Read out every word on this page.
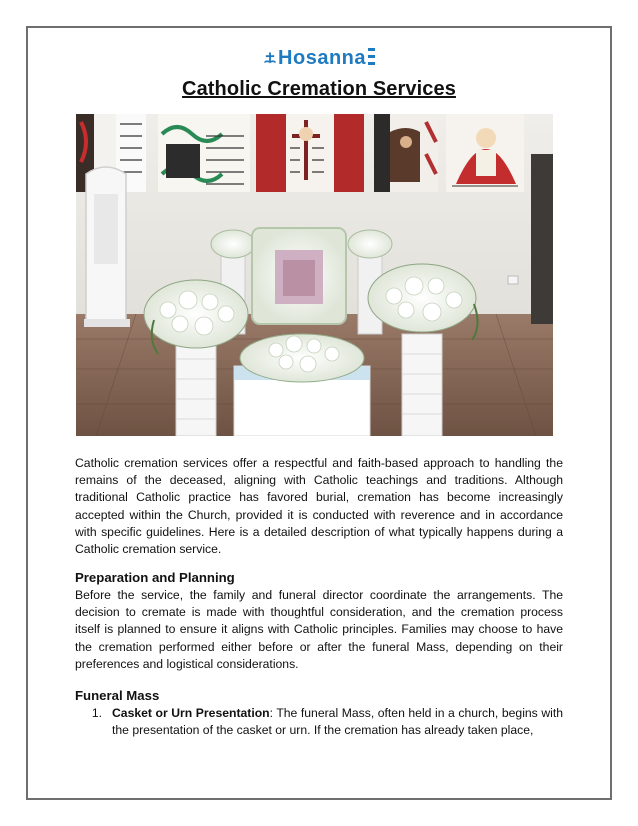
Hosanna
Catholic Cremation Services

Catholic cremation services offer a respectful and faith-based approach to handling the remains of the deceased, aligning with Catholic teachings and traditions. Although traditional Catholic practice has favored burial, cremation has become increasingly accepted within the Church, provided it is conducted with reverence and in accordance with specific guidelines. Here is a detailed description of what typically happens during a Catholic cremation service.

Preparation and Planning

Before the service, the family and funeral director coordinate the arrangements. The decision to cremate is made with thoughtful consideration, and the cremation process itself is planned to ensure it aligns with Catholic principles. Families may choose to have the cremation performed either before or after the funeral Mass, depending on their preferences and logistical considerations.

Funeral Mass
1. Casket or Urn Presentation: The funeral Mass, often held in a church, begins with the presentation of the casket or urn. If the cremation has already taken place,
